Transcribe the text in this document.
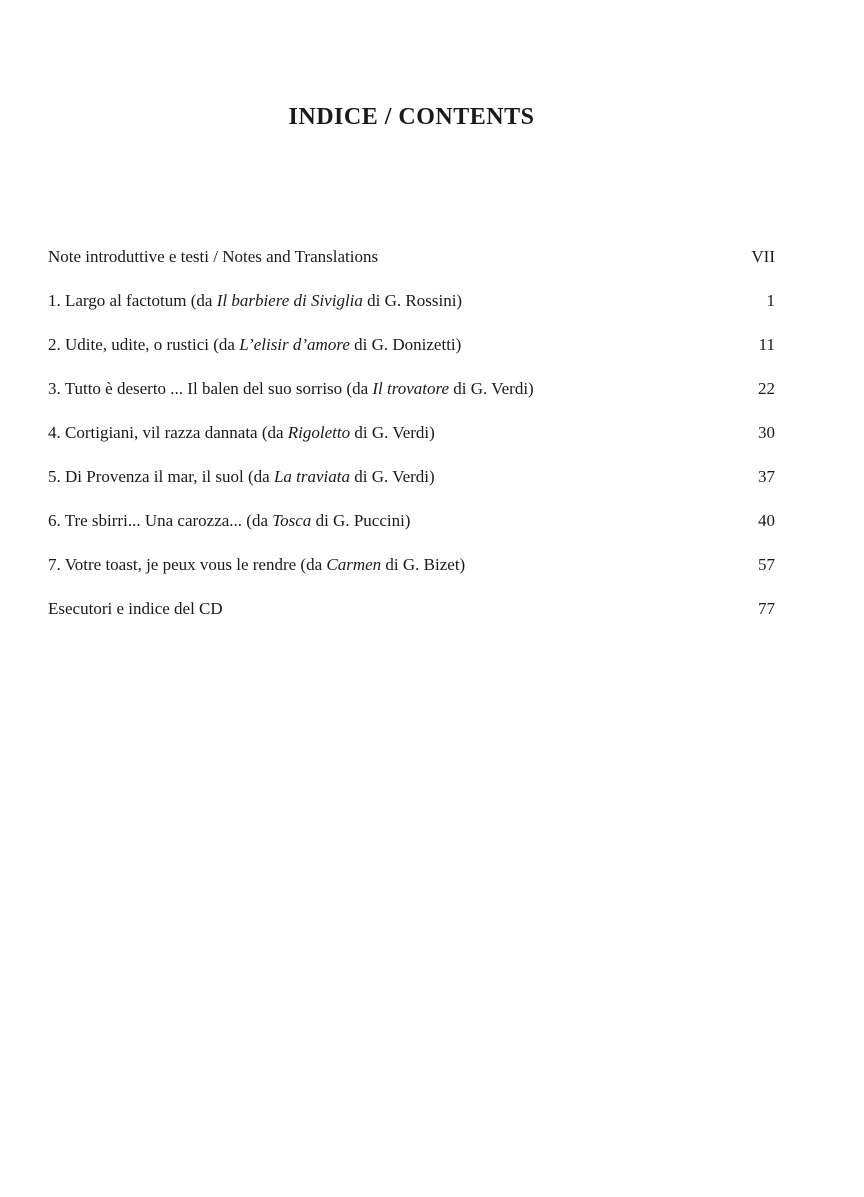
INDICE / CONTENTS
Note introduttive e testi / Notes and Translations	VII
1. Largo al factotum (da Il barbiere di Siviglia di G. Rossini)	1
2. Udite, udite, o rustici (da L’elisir d’amore di G. Donizetti)	11
3. Tutto è deserto ... Il balen del suo sorriso (da Il trovatore di G. Verdi)	22
4. Cortigiani, vil razza dannata (da Rigoletto di G. Verdi)	30
5. Di Provenza il mar, il suol (da La traviata di G. Verdi)	37
6. Tre sbirri... Una carozza... (da Tosca di G. Puccini)	40
7. Votre toast, je peux vous le rendre (da Carmen di G. Bizet)	57
Esecutori e indice del CD	77
